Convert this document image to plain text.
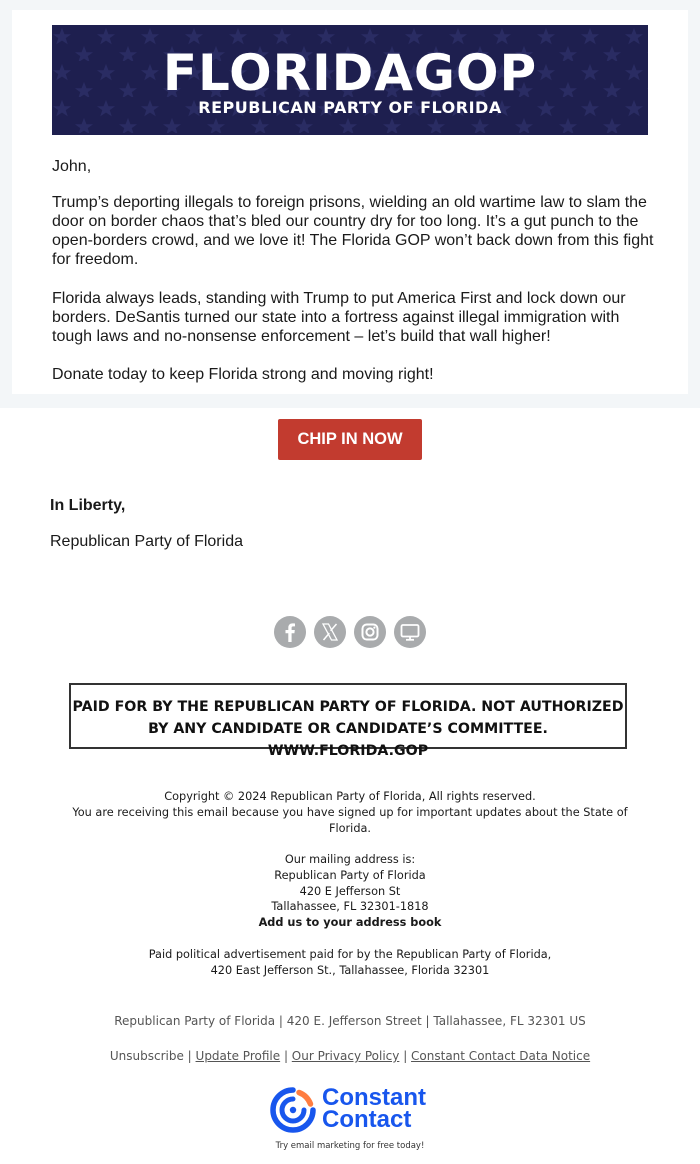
FLORIDAGOP
REPUBLICAN PARTY OF FLORIDA

John,

Trump’s deporting illegals to foreign prisons, wielding an old wartime law to slam the door on border chaos that’s bled our country dry for too long. It’s a gut punch to the open-borders crowd, and we love it! The Florida GOP won’t back down from this fight for freedom.

Florida always leads, standing with Trump to put America First and lock down our borders. DeSantis turned our state into a fortress against illegal immigration with tough laws and no-nonsense enforcement – let’s build that wall higher!

Donate today to keep Florida strong and moving right!

CHIP IN NOW
In Liberty,
Republican Party of Florida
PAID FOR BY THE REPUBLICAN PARTY OF FLORIDA. NOT AUTHORIZED
BY ANY CANDIDATE OR CANDIDATE’S COMMITTEE. WWW.FLORIDA.GOP
Copyright © 2024 Republican Party of Florida, All rights reserved.
You are receiving this email because you have signed up for important updates about the State of Florida.
Our mailing address is:
Republican Party of Florida
420 E Jefferson St
Tallahassee, FL 32301-1818
Add us to your address book
Paid political advertisement paid for by the Republican Party of Florida,
420 East Jefferson St., Tallahassee, Florida 32301
Republican Party of Florida | 420 E. Jefferson Street | Tallahassee, FL 32301 US
Unsubscribe | Update Profile | Our Privacy Policy | Constant Contact Data Notice
Constant
Contact
Try email marketing for free today!
